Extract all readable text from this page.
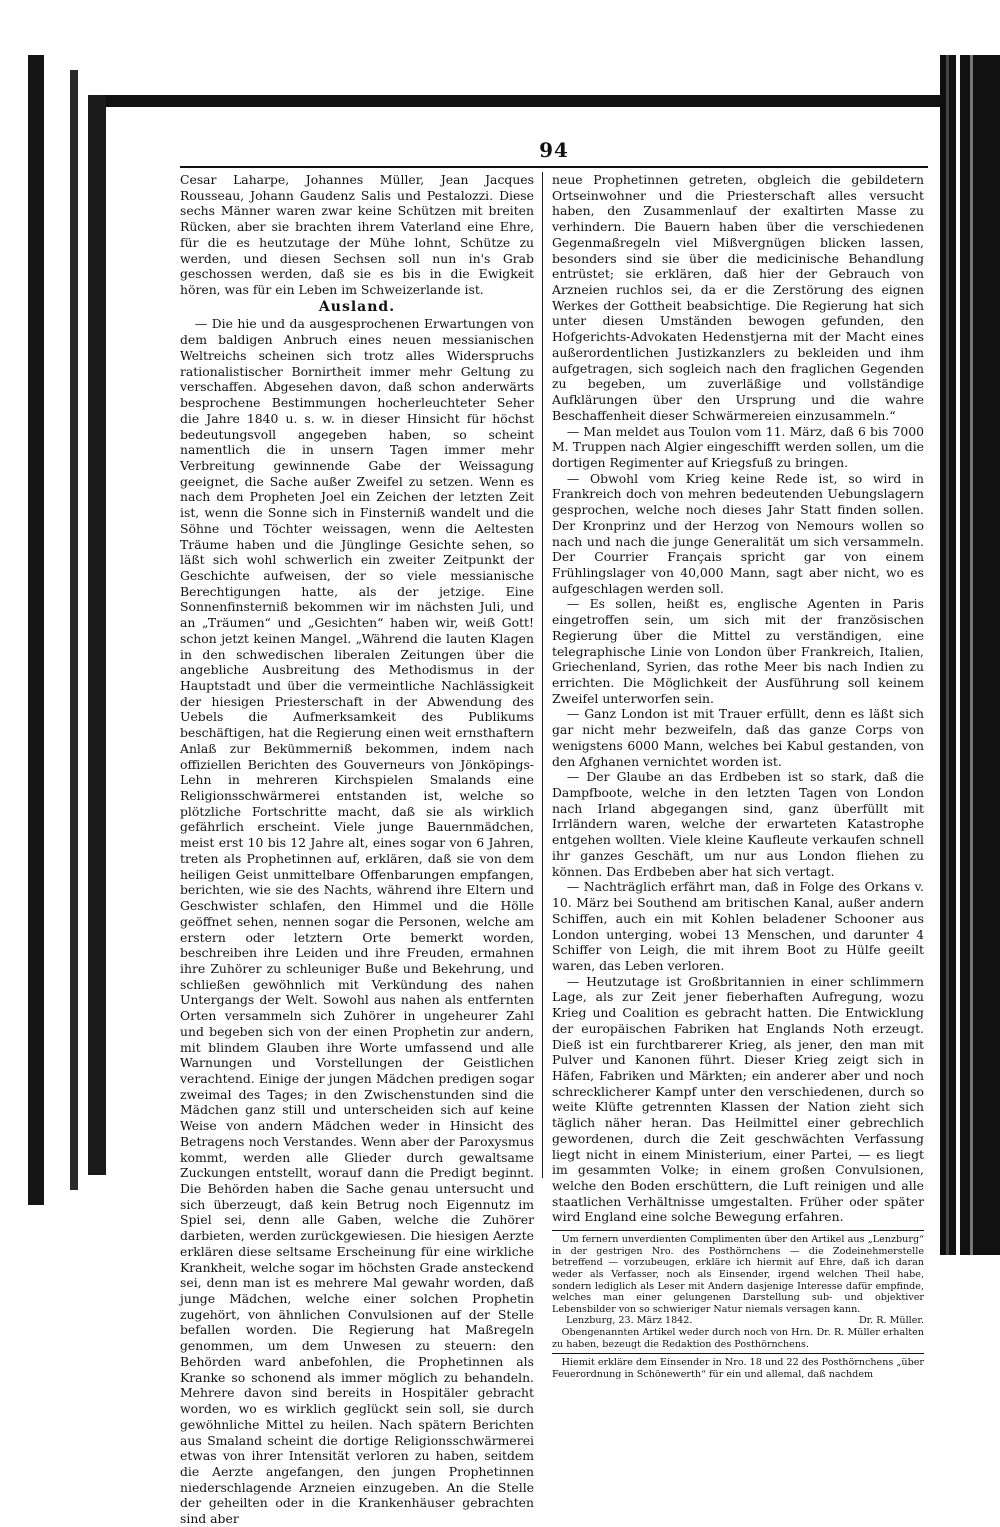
94

Cesar Laharpe, Johannes Müller, Jean Jacques Rousseau, Johann Gaudenz Salis und Pestalozzi. Diese sechs Männer waren zwar keine Schützen mit breiten Rücken, aber sie brachten ihrem Vaterland eine Ehre, für die es heutzutage der Mühe lohnt, Schütze zu werden, und diesen Sechsen soll nun in's Grab geschossen werden, daß sie es bis in die Ewigkeit hören, was für ein Leben im Schweizerlande ist.

Ausland.

— Die hie und da ausgesprochenen Erwartungen von dem baldigen Anbruch eines neuen messianischen Weltreichs scheinen sich trotz alles Widerspruchs rationalistischer Bornirtheit immer mehr Geltung zu verschaffen. Abgesehen davon, daß schon anderwärts besprochene Bestimmungen hocherleuchteter Seher die Jahre 1840 u. s. w. in dieser Hinsicht für höchst bedeutungsvoll angegeben haben, so scheint namentlich die in unsern Tagen immer mehr Verbreitung gewinnende Gabe der Weissagung geeignet, die Sache außer Zweifel zu setzen. Wenn es nach dem Propheten Joel ein Zeichen der letzten Zeit ist, wenn die Sonne sich in Finsterniß wandelt und die Söhne und Töchter weissagen, wenn die Aeltesten Träume haben und die Jünglinge Gesichte sehen, so läßt sich wohl schwerlich ein zweiter Zeitpunkt der Geschichte aufweisen, der so viele messianische Berechtigungen hatte, als der jetzige. Eine Sonnenfinsterniß bekommen wir im nächsten Juli, und an „Träumen“ und „Gesichten“ haben wir, weiß Gott! schon jetzt keinen Mangel. „Während die lauten Klagen in den schwedischen liberalen Zeitungen über die angebliche Ausbreitung des Methodismus in der Hauptstadt und über die vermeintliche Nachlässigkeit der hiesigen Priesterschaft in der Abwendung des Uebels die Aufmerksamkeit des Publikums beschäftigen, hat die Regierung einen weit ernsthaftern Anlaß zur Bekümmerniß bekommen, indem nach offiziellen Berichten des Gouverneurs von Jönköpings-Lehn in mehreren Kirchspielen Smalands eine Religionsschwärmerei entstanden ist, welche so plötzliche Fortschritte macht, daß sie als wirklich gefährlich erscheint. Viele junge Bauernmädchen, meist erst 10 bis 12 Jahre alt, eines sogar von 6 Jahren, treten als Prophetinnen auf, erklären, daß sie von dem heiligen Geist unmittelbare Offenbarungen empfangen, berichten, wie sie des Nachts, während ihre Eltern und Geschwister schlafen, den Himmel und die Hölle geöffnet sehen, nennen sogar die Personen, welche am erstern oder letztern Orte bemerkt worden, beschreiben ihre Leiden und ihre Freuden, ermahnen ihre Zuhörer zu schleuniger Buße und Bekehrung, und schließen gewöhnlich mit Verkündung des nahen Untergangs der Welt. Sowohl aus nahen als entfernten Orten versammeln sich Zuhörer in ungeheurer Zahl und begeben sich von der einen Prophetin zur andern, mit blindem Glauben ihre Worte umfassend und alle Warnungen und Vorstellungen der Geistlichen verachtend. Einige der jungen Mädchen predigen sogar zweimal des Tages; in den Zwischenstunden sind die Mädchen ganz still und unterscheiden sich auf keine Weise von andern Mädchen weder in Hinsicht des Betragens noch Verstandes. Wenn aber der Paroxysmus kommt, werden alle Glieder durch gewaltsame Zuckungen entstellt, worauf dann die Predigt beginnt. Die Behörden haben die Sache genau untersucht und sich überzeugt, daß kein Betrug noch Eigennutz im Spiel sei, denn alle Gaben, welche die Zuhörer darbieten, werden zurückgewiesen. Die hiesigen Aerzte erklären diese seltsame Erscheinung für eine wirkliche Krankheit, welche sogar im höchsten Grade ansteckend sei, denn man ist es mehrere Mal gewahr worden, daß junge Mädchen, welche einer solchen Prophetin zugehört, von ähnlichen Convulsionen auf der Stelle befallen worden. Die Regierung hat Maßregeln genommen, um dem Unwesen zu steuern: den Behörden ward anbefohlen, die Prophetinnen als Kranke so schonend als immer möglich zu behandeln. Mehrere davon sind bereits in Hospitäler gebracht worden, wo es wirklich geglückt sein soll, sie durch gewöhnliche Mittel zu heilen. Nach spätern Berichten aus Smaland scheint die dortige Religionsschwärmerei etwas von ihrer Intensität verloren zu haben, seitdem die Aerzte angefangen, den jungen Prophetinnen niederschlagende Arzneien einzugeben. An die Stelle der geheilten oder in die Krankenhäuser gebrachten sind aber

neue Prophetinnen getreten, obgleich die gebildetern Ortseinwohner und die Priesterschaft alles versucht haben, den Zusammenlauf der exaltirten Masse zu verhindern. Die Bauern haben über die verschiedenen Gegenmaßregeln viel Mißvergnügen blicken lassen, besonders sind sie über die medicinische Behandlung entrüstet; sie erklären, daß hier der Gebrauch von Arzneien ruchlos sei, da er die Zerstörung des eignen Werkes der Gottheit beabsichtige. Die Regierung hat sich unter diesen Umständen bewogen gefunden, den Hofgerichts-Advokaten Hedenstjerna mit der Macht eines außerordentlichen Justizkanzlers zu bekleiden und ihm aufgetragen, sich sogleich nach den fraglichen Gegenden zu begeben, um zuverläßige und vollständige Aufklärungen über den Ursprung und die wahre Beschaffenheit dieser Schwärmereien einzusammeln.“

— Man meldet aus Toulon vom 11. März, daß 6 bis 7000 M. Truppen nach Algier eingeschifft werden sollen, um die dortigen Regimenter auf Kriegsfuß zu bringen.

— Obwohl vom Krieg keine Rede ist, so wird in Frankreich doch von mehren bedeutenden Uebungslagern gesprochen, welche noch dieses Jahr Statt finden sollen. Der Kronprinz und der Herzog von Nemours wollen so nach und nach die junge Generalität um sich versammeln. Der Courrier Français spricht gar von einem Frühlingslager von 40,000 Mann, sagt aber nicht, wo es aufgeschlagen werden soll.

— Es sollen, heißt es, englische Agenten in Paris eingetroffen sein, um sich mit der französischen Regierung über die Mittel zu verständigen, eine telegraphische Linie von London über Frankreich, Italien, Griechenland, Syrien, das rothe Meer bis nach Indien zu errichten. Die Möglichkeit der Ausführung soll keinem Zweifel unterworfen sein.

— Ganz London ist mit Trauer erfüllt, denn es läßt sich gar nicht mehr bezweifeln, daß das ganze Corps von wenigstens 6000 Mann, welches bei Kabul gestanden, von den Afghanen vernichtet worden ist.

— Der Glaube an das Erdbeben ist so stark, daß die Dampfboote, welche in den letzten Tagen von London nach Irland abgegangen sind, ganz überfüllt mit Irrländern waren, welche der erwarteten Katastrophe entgehen wollten. Viele kleine Kaufleute verkaufen schnell ihr ganzes Geschäft, um nur aus London fliehen zu können. Das Erdbeben aber hat sich vertagt.

— Nachträglich erfährt man, daß in Folge des Orkans v. 10. März bei Southend am britischen Kanal, außer andern Schiffen, auch ein mit Kohlen beladener Schooner aus London unterging, wobei 13 Menschen, und darunter 4 Schiffer von Leigh, die mit ihrem Boot zu Hülfe geeilt waren, das Leben verloren.

— Heutzutage ist Großbritannien in einer schlimmern Lage, als zur Zeit jener fieberhaften Aufregung, wozu Krieg und Coalition es gebracht hatten. Die Entwicklung der europäischen Fabriken hat Englands Noth erzeugt. Dieß ist ein furchtbarerer Krieg, als jener, den man mit Pulver und Kanonen führt. Dieser Krieg zeigt sich in Häfen, Fabriken und Märkten; ein anderer aber und noch schrecklicherer Kampf unter den verschiedenen, durch so weite Klüfte getrennten Klassen der Nation zieht sich täglich näher heran. Das Heilmittel einer gebrechlich gewordenen, durch die Zeit geschwächten Verfassung liegt nicht in einem Ministerium, einer Partei, — es liegt im gesammten Volke; in einem großen Convulsionen, welche den Boden erschüttern, die Luft reinigen und alle staatlichen Verhältnisse umgestalten. Früher oder später wird England eine solche Bewegung erfahren.

Um fernern unverdienten Complimenten über den Artikel aus „Lenzburg“ in der gestrigen Nro. des Posthörnchens — die Zodeinehmerstelle betreffend — vorzubeugen, erkläre ich hiermit auf Ehre, daß ich daran weder als Verfasser, noch als Einsender, irgend welchen Theil habe, sondern lediglich als Leser mit Andern dasjenige Interesse dafür empfinde, welches man einer gelungenen Darstellung sub- und objektiver Lebensbilder von so schwieriger Natur niemals versagen kann.

Lenzburg, 23. März 1842.	Dr. R. Müller.

Obengenannten Artikel weder durch noch von Hrn. Dr. R. Müller erhalten zu haben, bezeugt die Redaktion des Posthörnchens.

Hiemit erkläre dem Einsender in Nro. 18 und 22 des Posthörnchens „über Feuerordnung in Schönewerth“ für ein und allemal, daß nachdem
